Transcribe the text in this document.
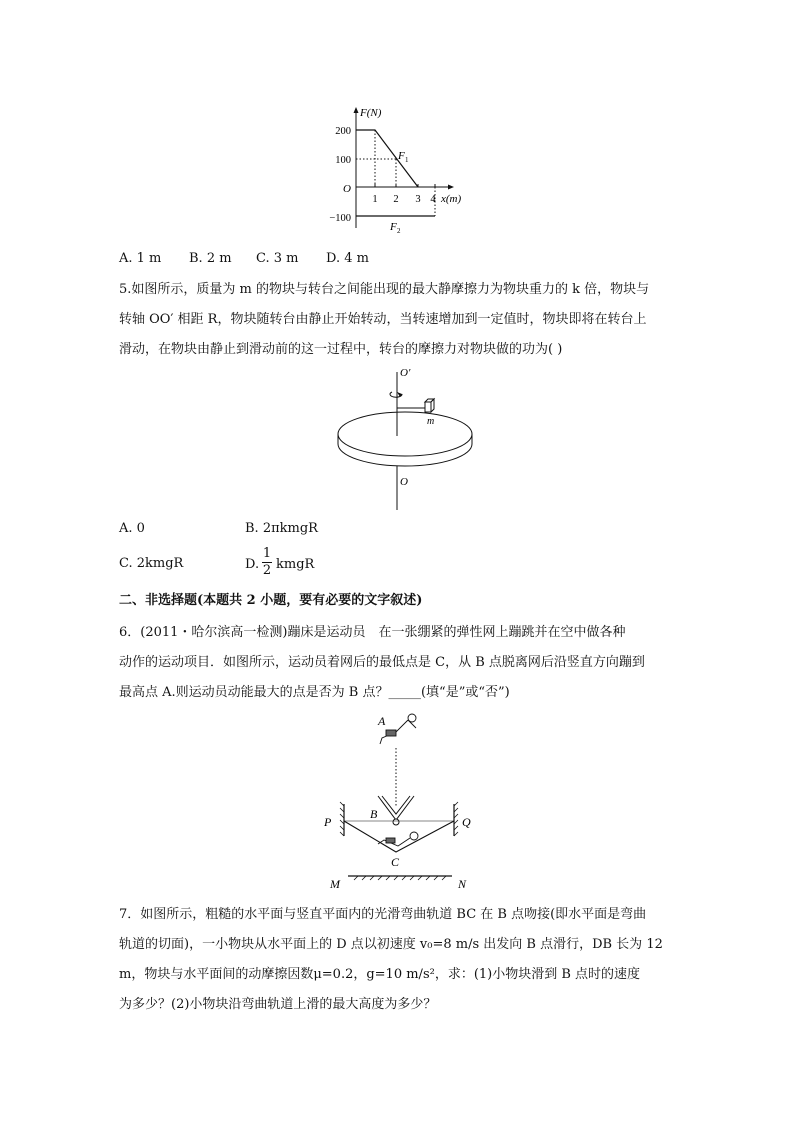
F(N)
200
100
O
−100
1 2 3 4 x(m)
F 1
F 2
A. 1 m B. 2 m C. 3 m D. 4 m
5.如图所示，质量为 m 的物块与转台之间能出现的最大静摩擦力为物块重力的 k 倍，物块与
转轴 OO′ 相距 R，物块随转台由静止开始转动，当转速增加到一定值时，物块即将在转台上
滑动，在物块由静止到滑动前的这一过程中，转台的摩擦力对物块做的功为( )
O′
m
O
A. 0	B. 2πkmgR
C. 2kmgR	D. $\frac{1}{2}$ kmgR
二、非选择题(本题共 2 小题，要有必要的文字叙述)
6．(2011・哈尔滨高一检测)蹦床是运动员　在一张绷紧的弹性网上蹦跳并在空中做各种
动作的运动项目．如图所示，运动员着网后的最低点是 C，从 B 点脱离网后沿竖直方向蹦到
最高点 A.则运动员动能最大的点是否为 B 点？_____(填“是”或“否”)
A
B
P	Q
C
M	N
7．如图所示，粗糙的水平面与竖直平面内的光滑弯曲轨道 BC 在 B 点吻接(即水平面是弯曲
轨道的切面)，一小物块从水平面上的 D 点以初速度 v₀=8 m/s 出发向 B 点滑行，DB 长为 12
m，物块与水平面间的动摩擦因数μ=0.2，g=10 m/s²，求：(1)小物块滑到 B 点时的速度
为多少？(2)小物块沿弯曲轨道上滑的最大高度为多少？
